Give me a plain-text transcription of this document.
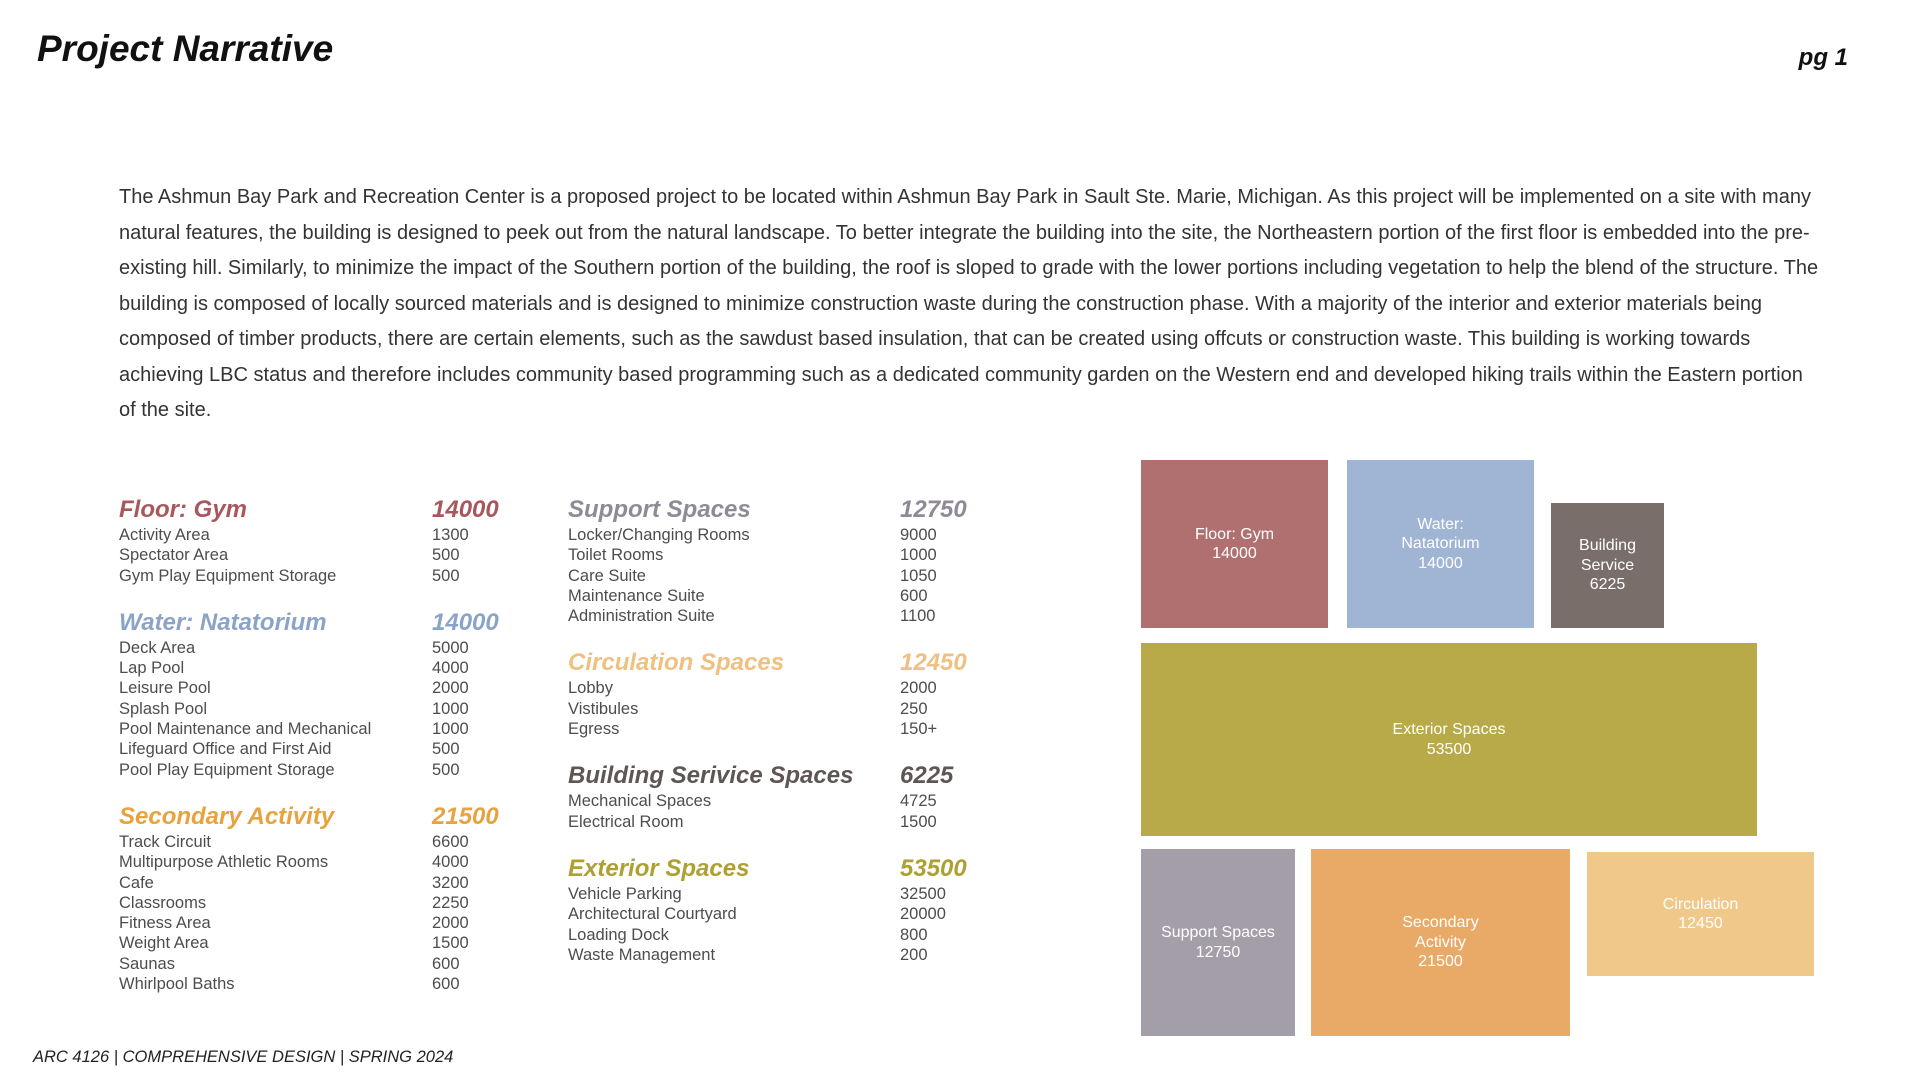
Project Narrative	pg 1

The Ashmun Bay Park and Recreation Center is a proposed project to be located within Ashmun Bay Park in Sault Ste. Marie, Michigan. As this project will be implemented on a site with many natural features, the building is designed to peek out from the natural landscape. To better integrate the building into the site, the Northeastern portion of the first floor is embedded into the pre-existing hill. Similarly, to minimize the impact of the Southern portion of the building, the roof is sloped to grade with the lower portions including vegetation to help the blend of the structure. The building is composed of locally sourced materials and is designed to minimize construction waste during the construction phase. With a majority of the interior and exterior materials being composed of timber products, there are certain elements, such as the sawdust based insulation, that can be created using offcuts or construction waste. This building is working towards achieving LBC status and therefore includes community based programming such as a dedicated community garden on the Western end and developed hiking trails within the Eastern portion of the site.

Floor: Gym	14000
Activity Area	1300
Spectator Area	500
Gym Play Equipment Storage	500
Water: Natatorium	14000
Deck Area	5000
Lap Pool	4000
Leisure Pool	2000
Splash Pool	1000
Pool Maintenance and Mechanical	1000
Lifeguard Office and First Aid	500
Pool Play Equipment Storage	500
Secondary Activity	21500
Track Circuit	6600
Multipurpose Athletic Rooms	4000
Cafe	3200
Classrooms	2250
Fitness Area	2000
Weight Area	1500
Saunas	600
Whirlpool Baths	600
Support Spaces	12750
Locker/Changing Rooms	9000
Toilet Rooms	1000
Care Suite	1050
Maintenance Suite	600
Administration Suite	1100
Circulation Spaces	12450
Lobby	2000
Vistibules	250
Egress	150+
Building Serivice Spaces 6225
Mechanical Spaces	4725
Electrical Room	1500
Exterior Spaces	53500
Vehicle Parking	32500
Architectural Courtyard	20000
Loading Dock	800
Waste Management	200
Floor: Gym
14000
Water:
Natatorium
14000
Building
Service
6225
Exterior Spaces
53500
Support Spaces
12750
Secondary
Activity
21500
Circulation
12450
ARC 4126 | COMPREHENSIVE DESIGN | SPRING 2024
